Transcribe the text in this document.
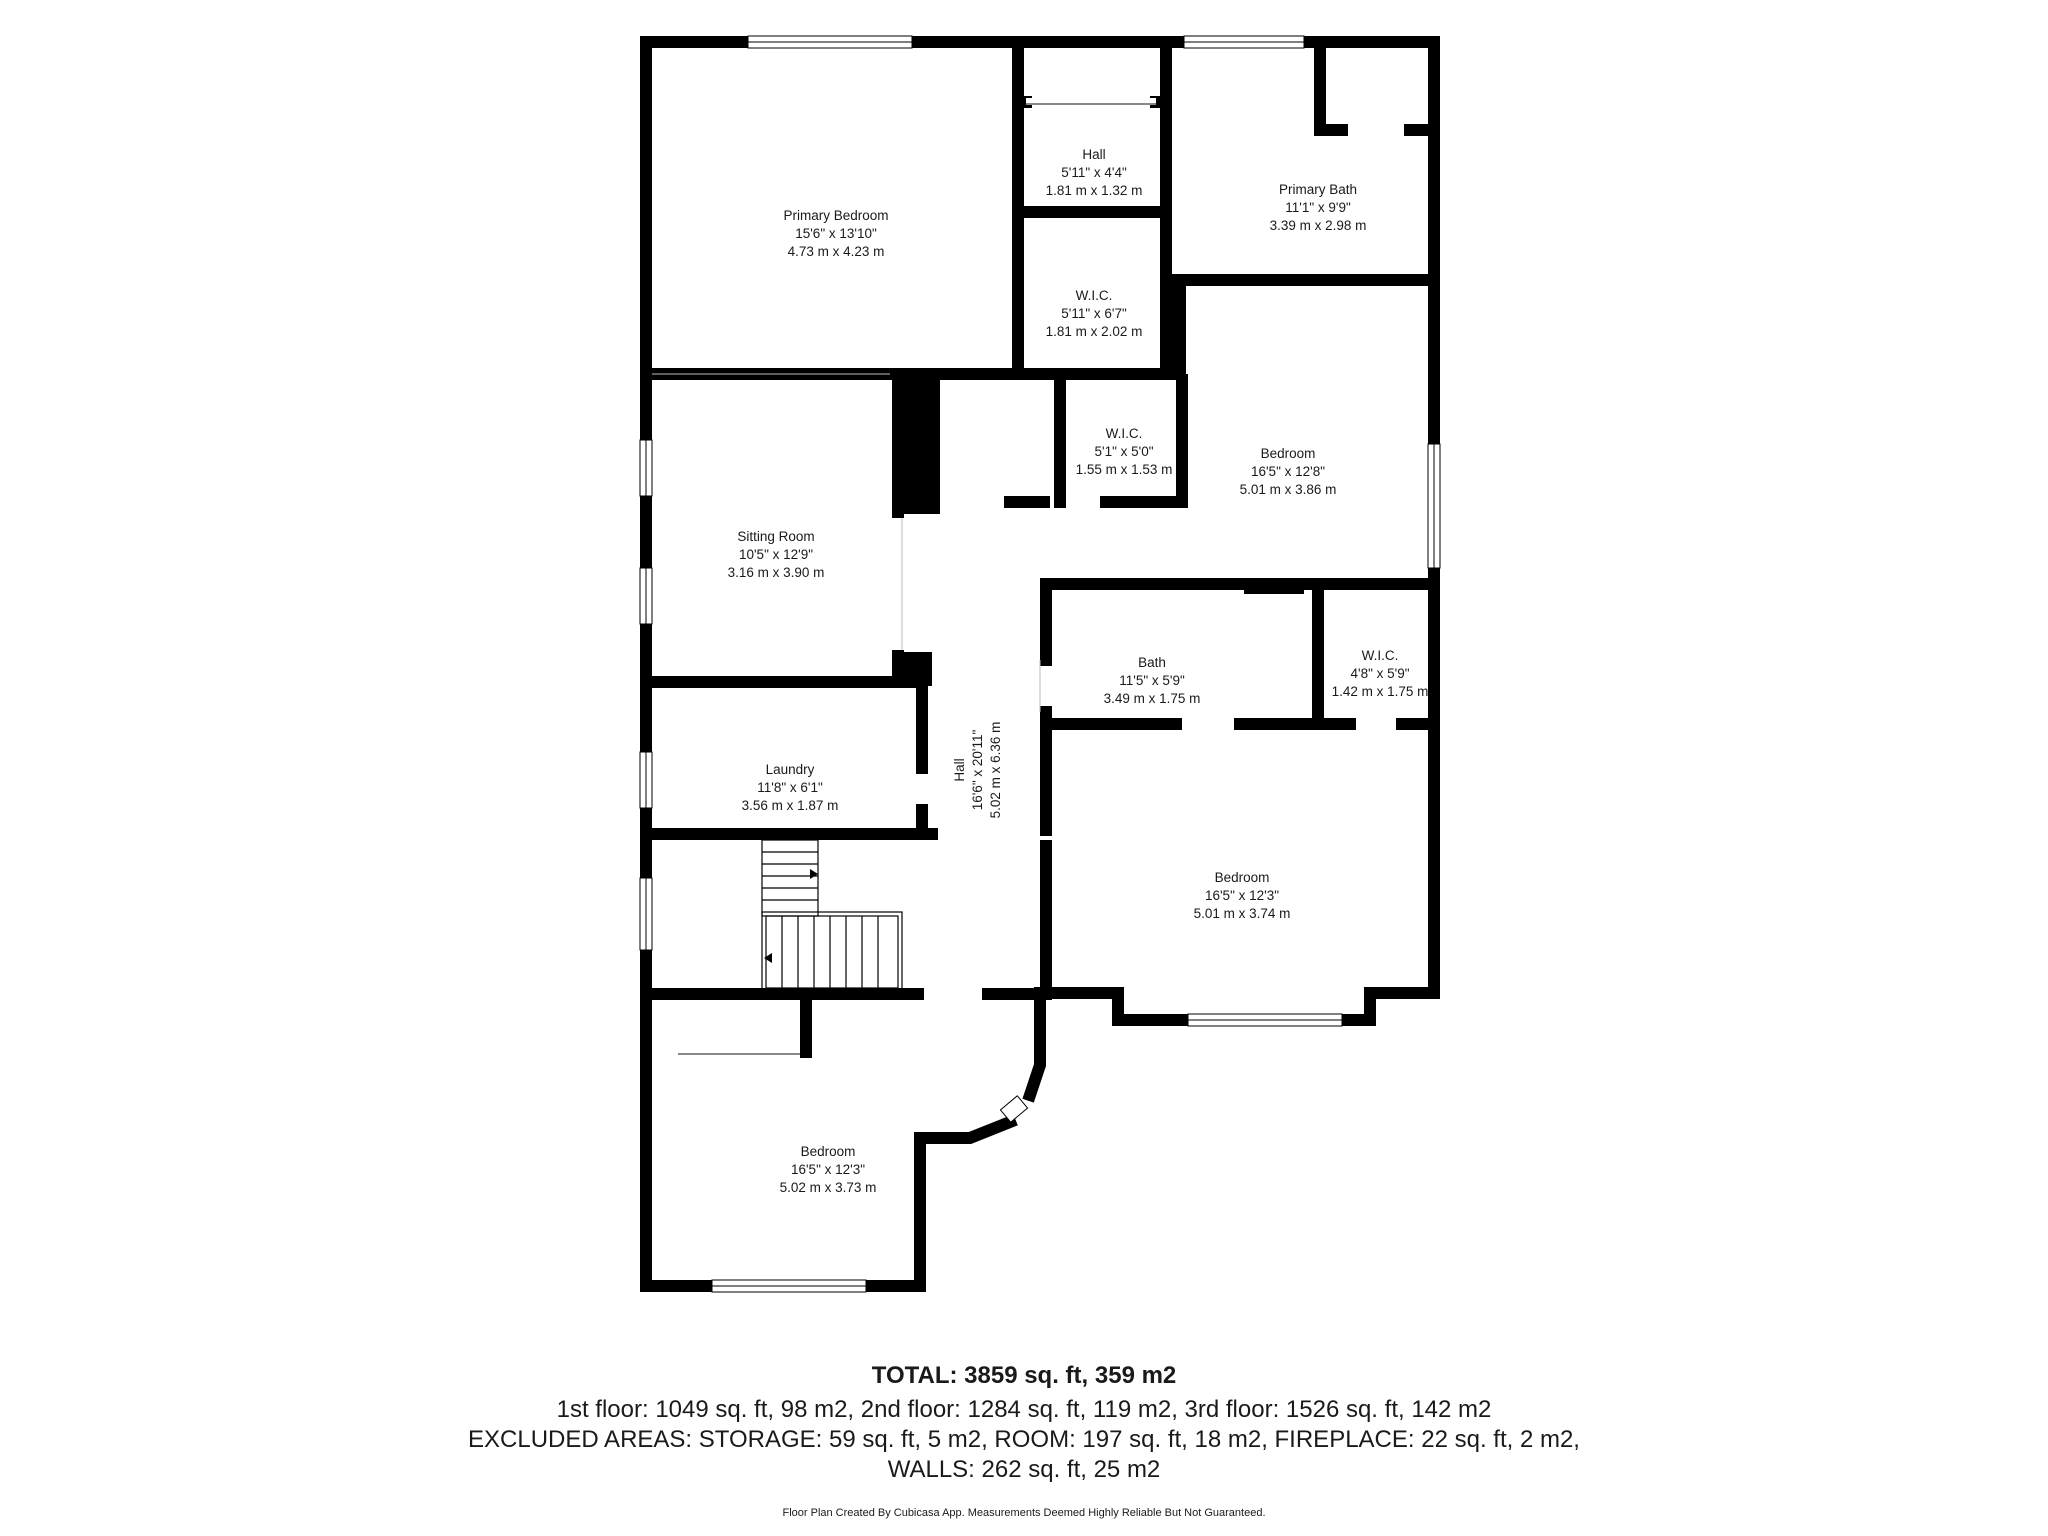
Primary Bedroom
15'6" x 13'10"
4.73 m x 4.23 m
Hall
5'11" x 4'4"
1.81 m x 1.32 m	Primary Bath
11'1" x 9'9"
3.39 m x 2.98 m
W.I.C.
5'11" x 6'7"
1.81 m x 2.02 m
W.I.C.
5'1" x 5'0"
1.55 m x 1.53 m
Bedroom
16'5" x 12'8"
5.01 m x 3.86 m
Sitting Room
10'5" x 12'9"
3.16 m x 3.90 m
Bath
11'5" x 5'9"
3.49 m x 1.75 m
W.I.C.
4'8" x 5'9"
1.42 m x 1.75 m
Laundry
11'8" x 6'1"
3.56 m x 1.87 m
Hall 16'6" x 20'11" 5.02 m x 6.36 m
Bedroom
16'5" x 12'3"
5.01 m x 3.74 m
Bedroom
16'5" x 12'3"
5.02 m x 3.73 m
TOTAL: 3859 sq. ft, 359 m2
1st floor: 1049 sq. ft, 98 m2, 2nd floor: 1284 sq. ft, 119 m2, 3rd floor: 1526 sq. ft, 142 m2
EXCLUDED AREAS: STORAGE: 59 sq. ft, 5 m2, ROOM: 197 sq. ft, 18 m2, FIREPLACE: 22 sq. ft, 2 m2,
WALLS: 262 sq. ft, 25 m2
Floor Plan Created By Cubicasa App. Measurements Deemed Highly Reliable But Not Guaranteed.
